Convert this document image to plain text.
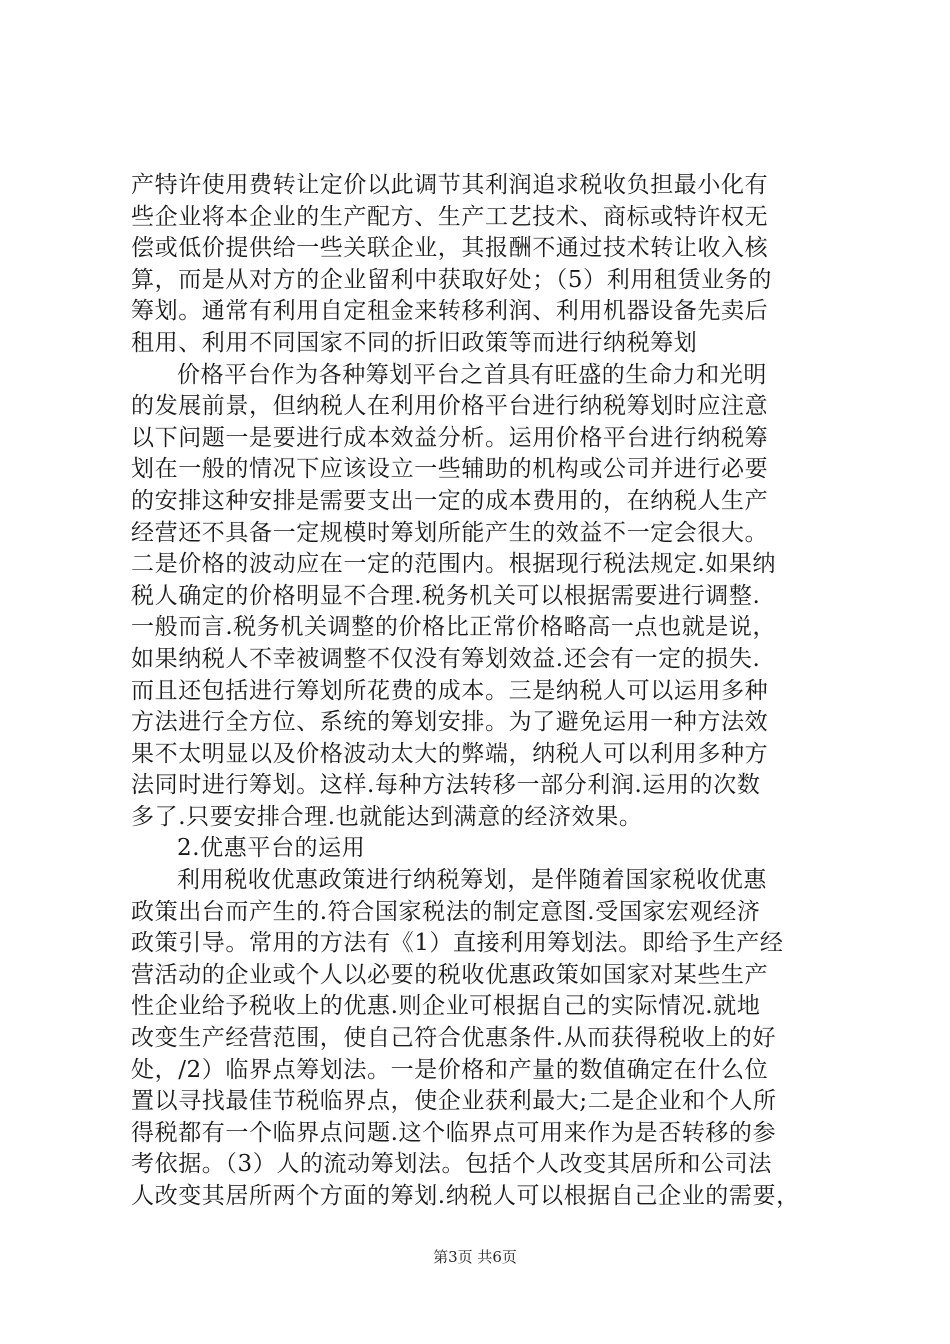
产特许使用费转让定价以此调节其利润追求税收负担最小化有
些企业将本企业的生产配方、生产工艺技术、商标或特许权无
偿或低价提供给一些关联企业，其报酬不通过技术转让收入核
算，而是从对方的企业留利中获取好处；（5）利用租赁业务的
筹划。通常有利用自定租金来转移利润、利用机器设备先卖后
租用、利用不同国家不同的折旧政策等而进行纳税筹划
价格平台作为各种筹划平台之首具有旺盛的生命力和光明
的发展前景，但纳税人在利用价格平台进行纳税筹划时应注意
以下问题一是要进行成本效益分析。运用价格平台进行纳税筹
划在一般的情况下应该设立一些辅助的机构或公司并进行必要
的安排这种安排是需要支出一定的成本费用的，在纳税人生产
经营还不具备一定规模时筹划所能产生的效益不一定会很大。
二是价格的波动应在一定的范围内。根据现行税法规定.如果纳
税人确定的价格明显不合理.税务机关可以根据需要进行调整.
一般而言.税务机关调整的价格比正常价格略高一点也就是说，
如果纳税人不幸被调整不仅没有筹划效益.还会有一定的损失.
而且还包括进行筹划所花费的成本。三是纳税人可以运用多种
方法进行全方位、系统的筹划安排。为了避免运用一种方法效
果不太明显以及价格波动太大的弊端，纳税人可以利用多种方
法同时进行筹划。这样.每种方法转移一部分利润.运用的次数
多了.只要安排合理.也就能达到满意的经济效果。
2.优惠平台的运用
利用税收优惠政策进行纳税筹划，是伴随着国家税收优惠
政策出台而产生的.符合国家税法的制定意图.受国家宏观经济
政策引导。常用的方法有《1）直接利用筹划法。即给予生产经
营活动的企业或个人以必要的税收优惠政策如国家对某些生产
性企业给予税收上的优惠.则企业可根据自己的实际情况.就地
改变生产经营范围，使自己符合优惠条件.从而获得税收上的好
处，/2）临界点筹划法。一是价格和产量的数值确定在什么位
置以寻找最佳节税临界点，使企业获利最大;二是企业和个人所
得税都有一个临界点问题.这个临界点可用来作为是否转移的参
考依据。（3）人的流动筹划法。包括个人改变其居所和公司法
人改变其居所两个方面的筹划.纳税人可以根据自己企业的需要，
第3页 共6页
